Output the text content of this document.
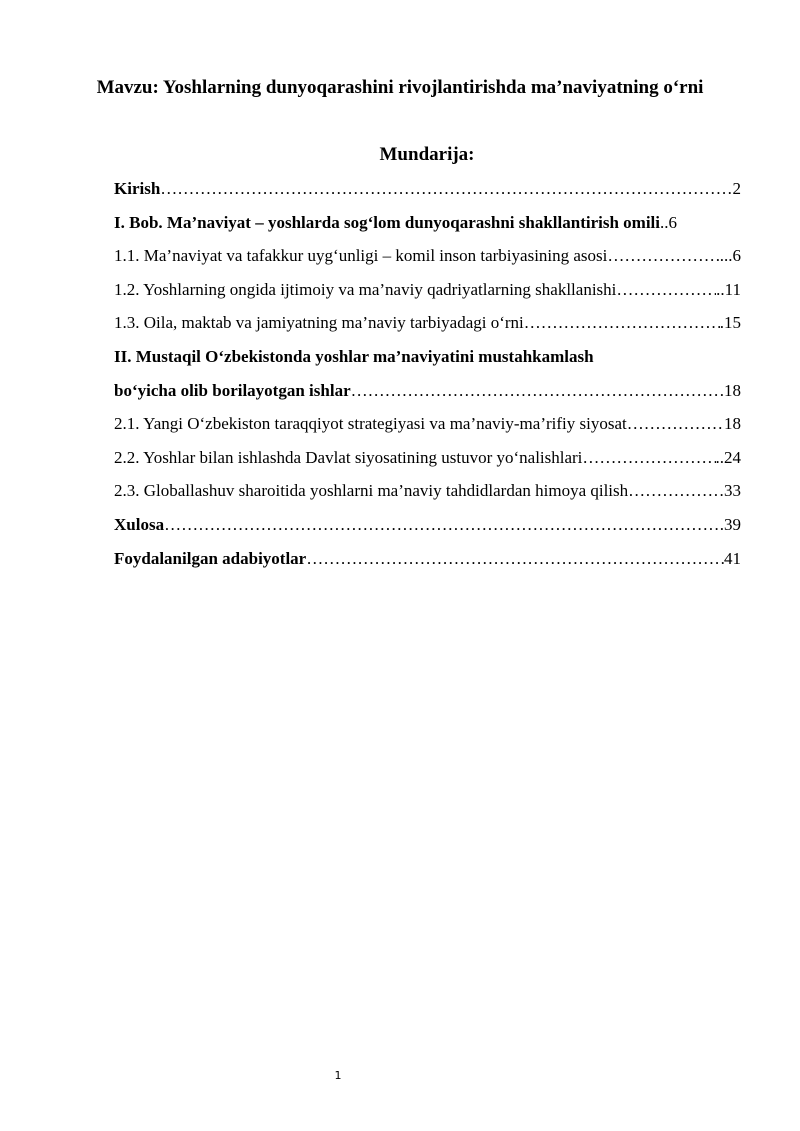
Mavzu: Yoshlarning dunyoqarashini rivojlantirishda ma’naviyatning o‘rni
Mundarija:
Kirish ……………………………………………………………………………………………………………………………………………………………………	2
I. Bob. Ma’naviyat – yoshlarda sog‘lom dunyoqarashni shakllantirish omili ..6
1.1. Ma’naviyat va tafakkur uyg‘unligi – komil inson tarbiyasining asosi ……………………………………………………………………………………………………………………………………………………………………	...6
1.2. Yoshlarning ongida ijtimoiy va ma’naviy qadriyatlarning shakllanishi ……………………………………………………………………………………………………………………………………………………………………	..11
1.3. Oila, maktab va jamiyatning ma’naviy tarbiyadagi o‘rni ……………………………………………………………………………………………………………………………………………………………………	.15
II. Mustaqil O‘zbekistonda yoshlar ma’naviyatini mustahkamlash
bo‘yicha olib borilayotgan ishlar ……………………………………………………………………………………………………………………………………………………………………	.18
2.1. Yangi O‘zbekiston taraqqiyot strategiyasi va ma’naviy-ma’rifiy siyosat ……………………………………………………………………………………………………………………………………………………………………	18
2.2. Yoshlar bilan ishlashda Davlat siyosatining ustuvor yo‘nalishlari ……………………………………………………………………………………………………………………………………………………………………	..24
2.3. Globallashuv sharoitida yoshlarni ma’naviy tahdidlardan himoya qilish ……………………………………………………………………………………………………………………………………………………………………	33
Xulosa ……………………………………………………………………………………………………………………………………………………………………	.39
Foydalanilgan adabiyotlar ……………………………………………………………………………………………………………………………………………………………………	41
1
